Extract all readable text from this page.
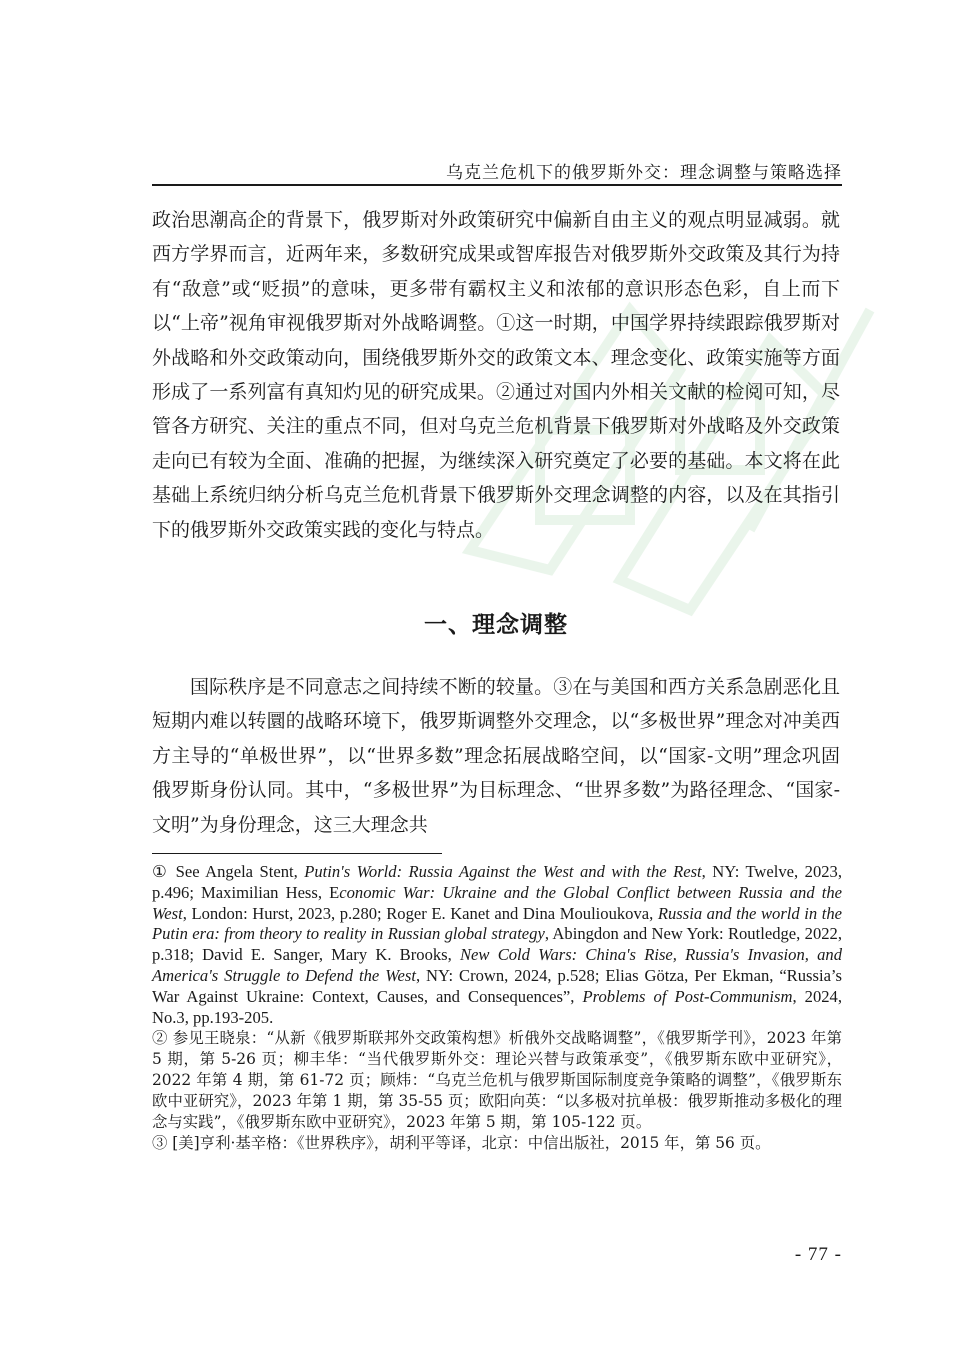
乌克兰危机下的俄罗斯外交：理念调整与策略选择

政治思潮高企的背景下，俄罗斯对外政策研究中偏新自由主义的观点明显减弱。就西方学界而言，近两年来，多数研究成果或智库报告对俄罗斯外交政策及其行为持有“敌意”或“贬损”的意味，更多带有霸权主义和浓郁的意识形态色彩，自上而下以“上帝”视角审视俄罗斯对外战略调整。①这一时期，中国学界持续跟踪俄罗斯对外战略和外交政策动向，围绕俄罗斯外交的政策文本、理念变化、政策实施等方面形成了一系列富有真知灼见的研究成果。②通过对国内外相关文献的检阅可知，尽管各方研究、关注的重点不同，但对乌克兰危机背景下俄罗斯对外战略及外交政策走向已有较为全面、准确的把握，为继续深入研究奠定了必要的基础。本文将在此基础上系统归纳分析乌克兰危机背景下俄罗斯外交理念调整的内容，以及在其指引下的俄罗斯外交政策实践的变化与特点。

一、理念调整

国际秩序是不同意志之间持续不断的较量。③在与美国和西方关系急剧恶化且短期内难以转圜的战略环境下，俄罗斯调整外交理念，以“多极世界”理念对冲美西方主导的“单极世界”，以“世界多数”理念拓展战略空间，以“国家-文明”理念巩固俄罗斯身份认同。其中，“多极世界”为目标理念、“世界多数”为路径理念、“国家-文明”为身份理念，这三大理念共

① See Angela Stent, Putin's World: Russia Against the West and with the Rest, NY: Twelve, 2023, p.496; Maximilian Hess, Economic War: Ukraine and the Global Conflict between Russia and the West, London: Hurst, 2023, p.280; Roger E. Kanet and Dina Moulioukova, Russia and the world in the Putin era: from theory to reality in Russian global strategy, Abingdon and New York: Routledge, 2022, p.318; David E. Sanger, Mary K. Brooks, New Cold Wars: China's Rise, Russia's Invasion, and America's Struggle to Defend the West, NY: Crown, 2024, p.528; Elias Götza, Per Ekman, “Russia’s War Against Ukraine: Context, Causes, and Consequences”, Problems of Post-Communism, 2024, No.3, pp.193-205.

② 参见王晓泉：“从新《俄罗斯联邦外交政策构想》析俄外交战略调整”，《俄罗斯学刊》，2023 年第 5 期，第 5-26 页；柳丰华：“当代俄罗斯外交：理论兴替与政策承变”，《俄罗斯东欧中亚研究》，2022 年第 4 期，第 61-72 页；顾炜：“乌克兰危机与俄罗斯国际制度竞争策略的调整”，《俄罗斯东欧中亚研究》，2023 年第 1 期，第 35-55 页；欧阳向英：“以多极对抗单极：俄罗斯推动多极化的理念与实践”，《俄罗斯东欧中亚研究》，2023 年第 5 期，第 105-122 页。

③ [美]亨利·基辛格：《世界秩序》，胡利平等译，北京：中信出版社，2015 年，第 56 页。

- 77 -
